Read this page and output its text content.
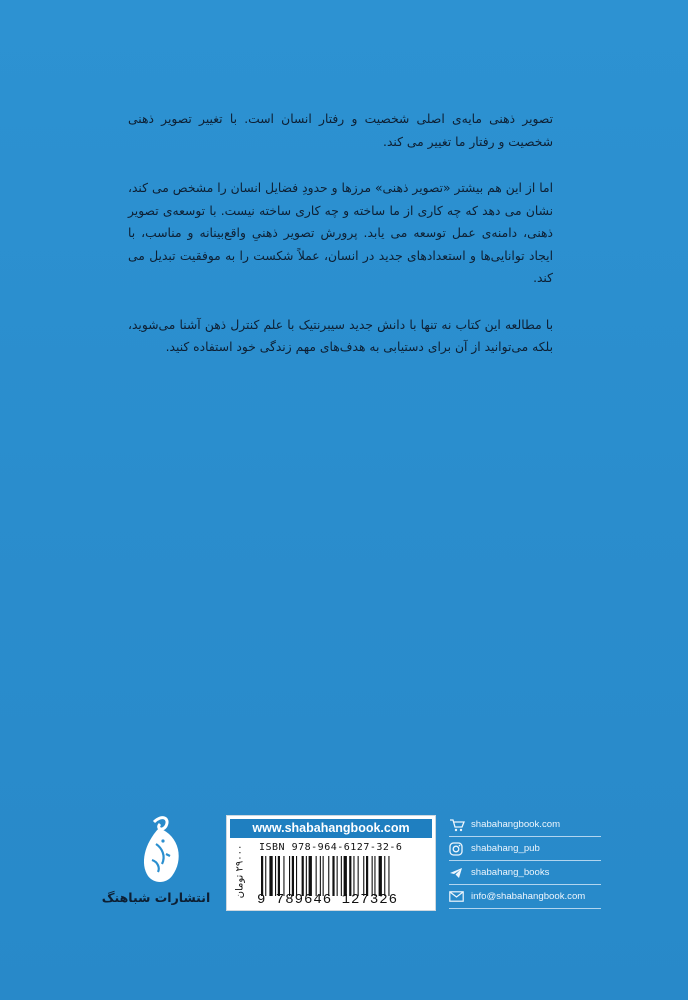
تصویر ذهنی مایه‌ی اصلی شخصیت و رفتار انسان است. با تغییر تصویر ذهنی شخصیت و رفتار ما تغییر می کند.

اما از این هم بیشتر «تصویر ذهنی» مرزها و حدودِ فضایل انسان را مشخص می کند، نشان می دهد که چه کاری از ما ساخته و چه کاری ساخته نیست. با توسعه‌ی تصویر ذهنی، دامنه‌ی عمل توسعه می یابد. پرورش تصویر ذهنیِ واقع‌بینانه و مناسب، با ایجاد توانایی‌ها و استعدادهای جدید در انسان، عملاً شکست را به موفقیت تبدیل می کند.

با مطالعه این کتاب نه تنها با دانش جدید سیبرنتیک با علم کنترل ذهن آشنا می‌شوید، بلکه می‌توانید از آن برای دستیابی به هدف‌های مهم زندگی خود استفاده کنید.

انتشارات شباهنگ
www.shabahangbook.com
۲۹۰۰۰ تومان ISBN 978-964-6127-32-6
9 789646 127326
shabahangbook.com
shabahang_pub
shabahang_books
info@shabahangbook.com
